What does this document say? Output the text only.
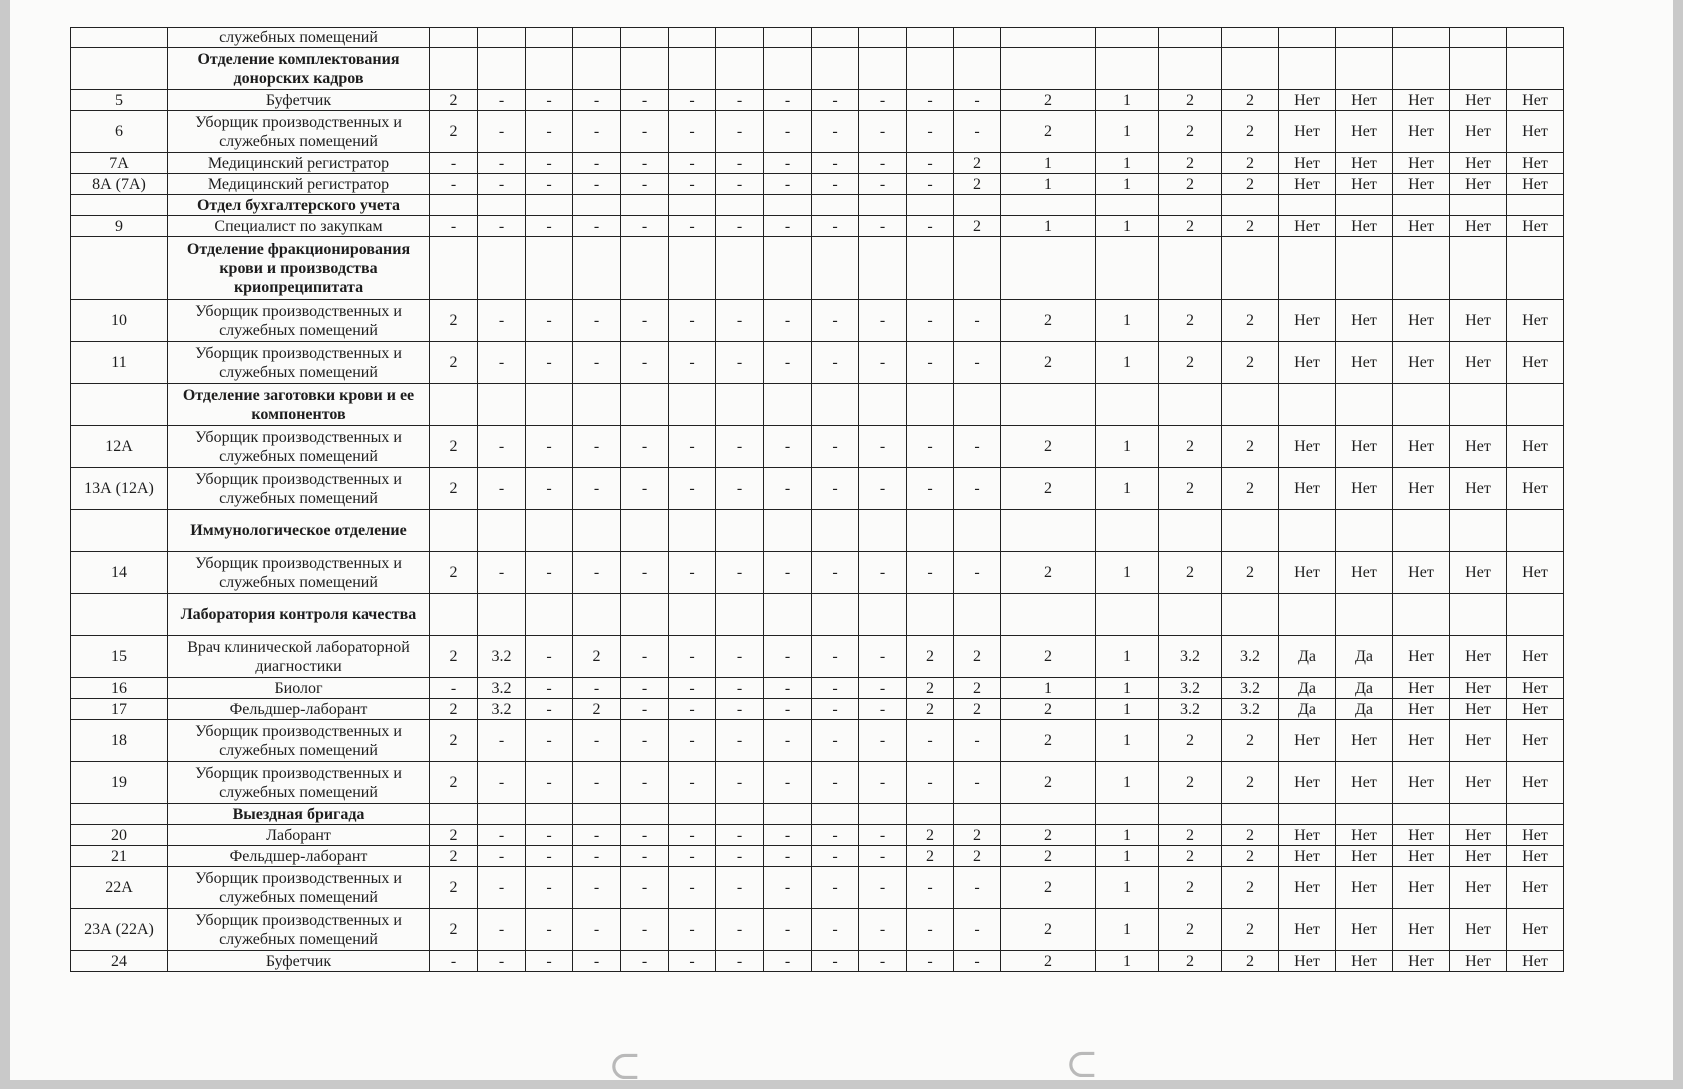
	служебных помещений																					
	Отделение комплектования донорских кадров																					
5	Буфетчик	2	-	-	-	-	-	-	-	-	-	-	-	2	1	2	2	Нет	Нет	Нет	Нет	Нет
6	Уборщик производственных и служебных помещений	2	-	-	-	-	-	-	-	-	-	-	-	2	1	2	2	Нет	Нет	Нет	Нет	Нет
7А	Медицинский регистратор	-	-	-	-	-	-	-	-	-	-	-	2	1	1	2	2	Нет	Нет	Нет	Нет	Нет
8А (7А)	Медицинский регистратор	-	-	-	-	-	-	-	-	-	-	-	2	1	1	2	2	Нет	Нет	Нет	Нет	Нет
	Отдел бухгалтерского учета																					
9	Специалист по закупкам	-	-	-	-	-	-	-	-	-	-	-	2	1	1	2	2	Нет	Нет	Нет	Нет	Нет
	Отделение фракционирования крови и производства криопреципитата																					
10	Уборщик производственных и служебных помещений	2	-	-	-	-	-	-	-	-	-	-	-	2	1	2	2	Нет	Нет	Нет	Нет	Нет
11	Уборщик производственных и служебных помещений	2	-	-	-	-	-	-	-	-	-	-	-	2	1	2	2	Нет	Нет	Нет	Нет	Нет
	Отделение заготовки крови и ее компонентов																					
12А	Уборщик производственных и служебных помещений	2	-	-	-	-	-	-	-	-	-	-	-	2	1	2	2	Нет	Нет	Нет	Нет	Нет
13А (12А)	Уборщик производственных и служебных помещений	2	-	-	-	-	-	-	-	-	-	-	-	2	1	2	2	Нет	Нет	Нет	Нет	Нет
	Иммунологическое отделение																					
14	Уборщик производственных и служебных помещений	2	-	-	-	-	-	-	-	-	-	-	-	2	1	2	2	Нет	Нет	Нет	Нет	Нет
	Лаборатория контроля качества																					
15	Врач клинической лабораторной диагностики	2	3.2	-	2	-	-	-	-	-	-	2	2	2	1	3.2	3.2	Да	Да	Нет	Нет	Нет
16	Биолог	-	3.2	-	-	-	-	-	-	-	-	2	2	1	1	3.2	3.2	Да	Да	Нет	Нет	Нет
17	Фельдшер-лаборант	2	3.2	-	2	-	-	-	-	-	-	2	2	2	1	3.2	3.2	Да	Да	Нет	Нет	Нет
18	Уборщик производственных и служебных помещений	2	-	-	-	-	-	-	-	-	-	-	-	2	1	2	2	Нет	Нет	Нет	Нет	Нет
19	Уборщик производственных и служебных помещений	2	-	-	-	-	-	-	-	-	-	-	-	2	1	2	2	Нет	Нет	Нет	Нет	Нет
	Выездная бригада																					
20	Лаборант	2	-	-	-	-	-	-	-	-	-	2	2	2	1	2	2	Нет	Нет	Нет	Нет	Нет
21	Фельдшер-лаборант	2	-	-	-	-	-	-	-	-	-	2	2	2	1	2	2	Нет	Нет	Нет	Нет	Нет
22А	Уборщик производственных и служебных помещений	2	-	-	-	-	-	-	-	-	-	-	-	2	1	2	2	Нет	Нет	Нет	Нет	Нет
23А (22А)	Уборщик производственных и служебных помещений	2	-	-	-	-	-	-	-	-	-	-	-	2	1	2	2	Нет	Нет	Нет	Нет	Нет
24	Буфетчик	-	-	-	-	-	-	-	-	-	-	-	-	2	1	2	2	Нет	Нет	Нет	Нет	Нет
⊂	⊂
